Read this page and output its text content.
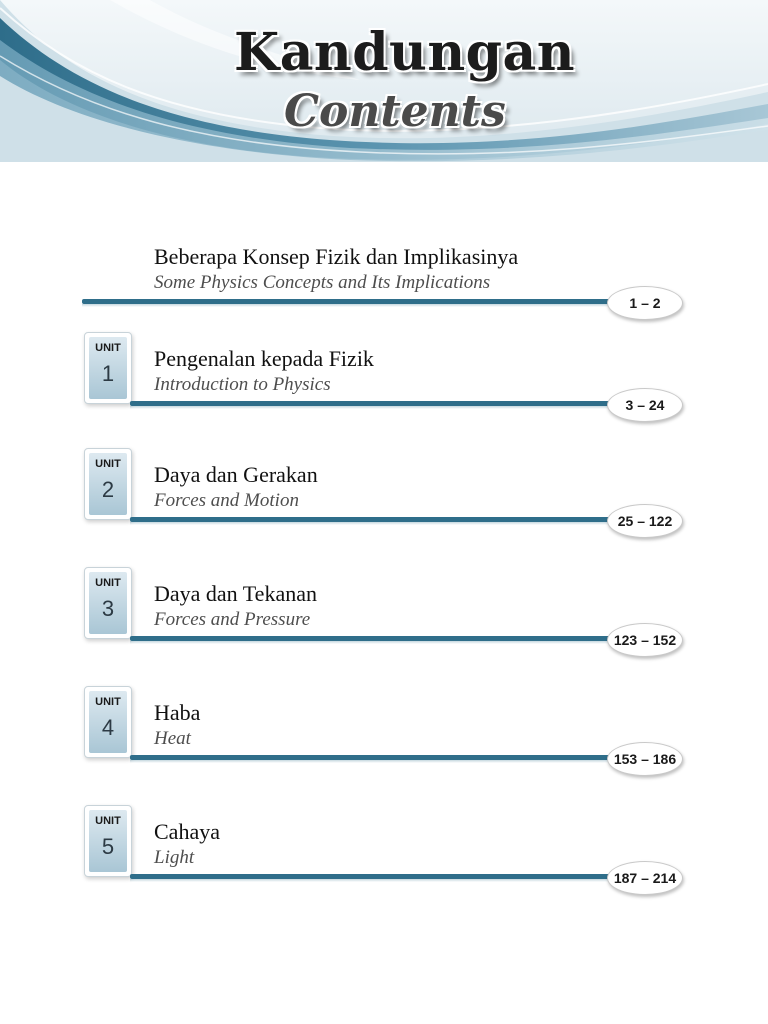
Kandungan
Contents
Beberapa Konsep Fizik dan Implikasinya
Some Physics Concepts and Its Implications
1 – 2
UNIT
1
Pengenalan kepada Fizik
Introduction to Physics
3 – 24
UNIT
2
Daya dan Gerakan
Forces and Motion
25 – 122
UNIT
3
Daya dan Tekanan
Forces and Pressure
123 – 152
UNIT
4
Haba
Heat
153 – 186
UNIT
5
Cahaya
Light
187 – 214
